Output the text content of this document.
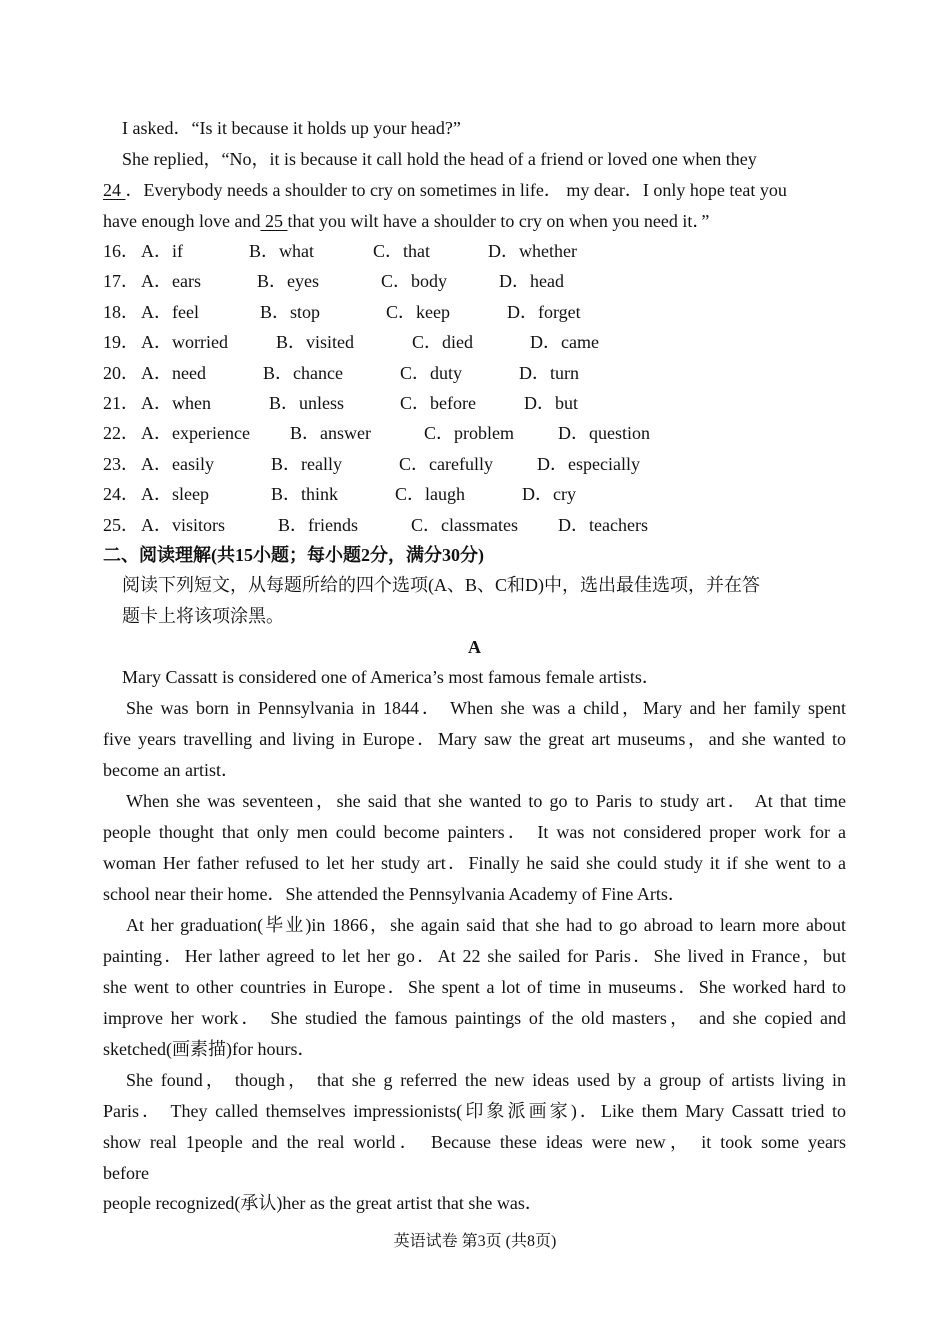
I asked．“Is it because it holds up your head?”
She replied，“No，it is because it call hold the head of a friend or loved one when they
24 ．Everybody needs a shoulder to cry on sometimes in life． my dear．I only hope teat you
have enough love and 25 that you wilt have a shoulder to cry on when you need it．”
16． A．if	B．what	C．that	D．whether
17． A．ears	B．eyes	C．body	D．head
18． A．feel	B．stop	C．keep	D．forget
19． A．worried	B．visited	C．died	D．came
20． A．need	B．chance	C．duty	D．turn
21． A．when	B．unless	C．before	D．but
22． A．experience B．answer	C．problem D．question
23． A．easily	B．really	C．carefully D．especially
24． A．sleep	B．think	C．laugh	D．cry
25． A．visitors	B．friends	C．classmates D．teachers
二、阅读理解(共15小题；每小题2分，满分30分)
阅读下列短文，从每题所给的四个选项(A、B、C和D)中，选出最佳选项，并在答
题卡上将该项涂黑。
A
Mary Cassatt is considered one of America’s most famous female artists．
She was born in Pennsylvania in 1844． When she was a child，Mary and her family spent
five years travelling and living in Europe．Mary saw the great art museums，and she wanted to
become an artist．
When she was seventeen，she said that she wanted to go to Paris to study art． At that time
people thought that only men could become painters． It was not considered proper work for a
woman Her father refused to let her study art．Finally he said she could study it if she went to a
school near their home．She attended the Pennsylvania Academy of Fine Arts．
At her graduation(毕业)in 1866，she again said that she had to go abroad to learn more about
painting．Her lather agreed to let her go．At 22 she sailed for Paris．She lived in France，but
she went to other countries in Europe．She spent a lot of time in museums．She worked hard to
improve her work． She studied the famous paintings of the old masters， and she copied and
sketched(画素描)for hours．
She found， though， that she g referred the new ideas used by a group of artists living in
Paris． They called themselves impressionists(印象派画家)．Like them Mary Cassatt tried to
show real 1people and the real world． Because these ideas were new， it took some years
before
people recognized(承认)her as the great artist that she was．
英语试卷 第3页 (共8页)
